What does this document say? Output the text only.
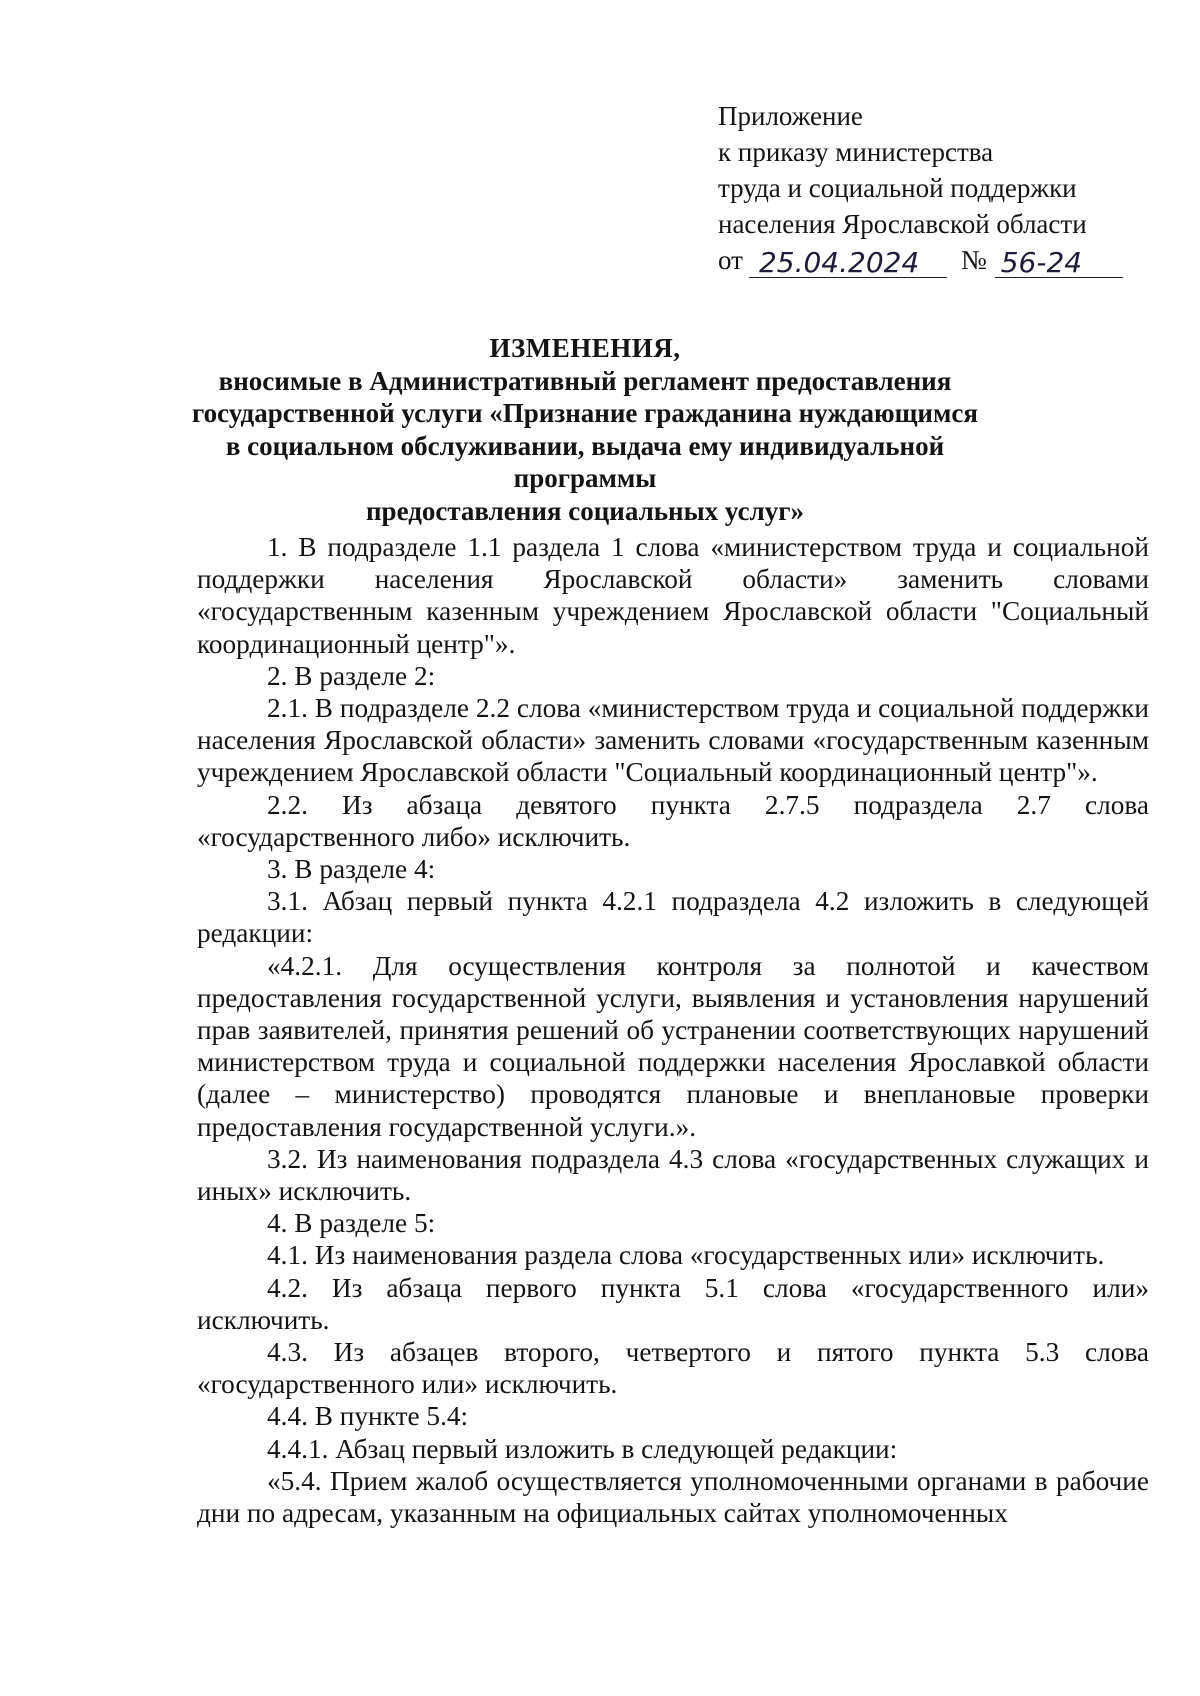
Приложение
к приказу министерства
труда и социальной поддержки
населения Ярославской области
от 25.04.2024	№ 56-24
ИЗМЕНЕНИЯ,
вносимые в Административный регламент предоставления
государственной услуги «Признание гражданина нуждающимся
в социальном обслуживании, выдача ему индивидуальной программы
предоставления социальных услуг»

1. В подразделе 1.1 раздела 1 слова «министерством труда и социальной поддержки населения Ярославской области» заменить словами «государственным казенным учреждением Ярославской области "Социальный координационный центр"».

2. В разделе 2:

2.1. В подразделе 2.2 слова «министерством труда и социальной поддержки населения Ярославской области» заменить словами «государственным казенным учреждением Ярославской области "Социальный координационный центр"».

2.2. Из абзаца девятого пункта 2.7.5 подраздела 2.7 слова «государственного либо» исключить.

3. В разделе 4:

3.1. Абзац первый пункта 4.2.1 подраздела 4.2 изложить в следующей редакции:

«4.2.1. Для осуществления контроля за полнотой и качеством предоставления государственной услуги, выявления и установления нарушений прав заявителей, принятия решений об устранении соответствующих нарушений министерством труда и социальной поддержки населения Ярославкой области (далее – министерство) проводятся плановые и внеплановые проверки предоставления государственной услуги.».

3.2. Из наименования подраздела 4.3 слова «государственных служащих и иных» исключить.

4. В разделе 5:

4.1. Из наименования раздела слова «государственных или» исключить.

4.2. Из абзаца первого пункта 5.1 слова «государственного или» исключить.

4.3. Из абзацев второго, четвертого и пятого пункта 5.3 слова «государственного или» исключить.

4.4. В пункте 5.4:

4.4.1. Абзац первый изложить в следующей редакции:

«5.4. Прием жалоб осуществляется уполномоченными органами в рабочие дни по адресам, указанным на официальных сайтах уполномоченных
